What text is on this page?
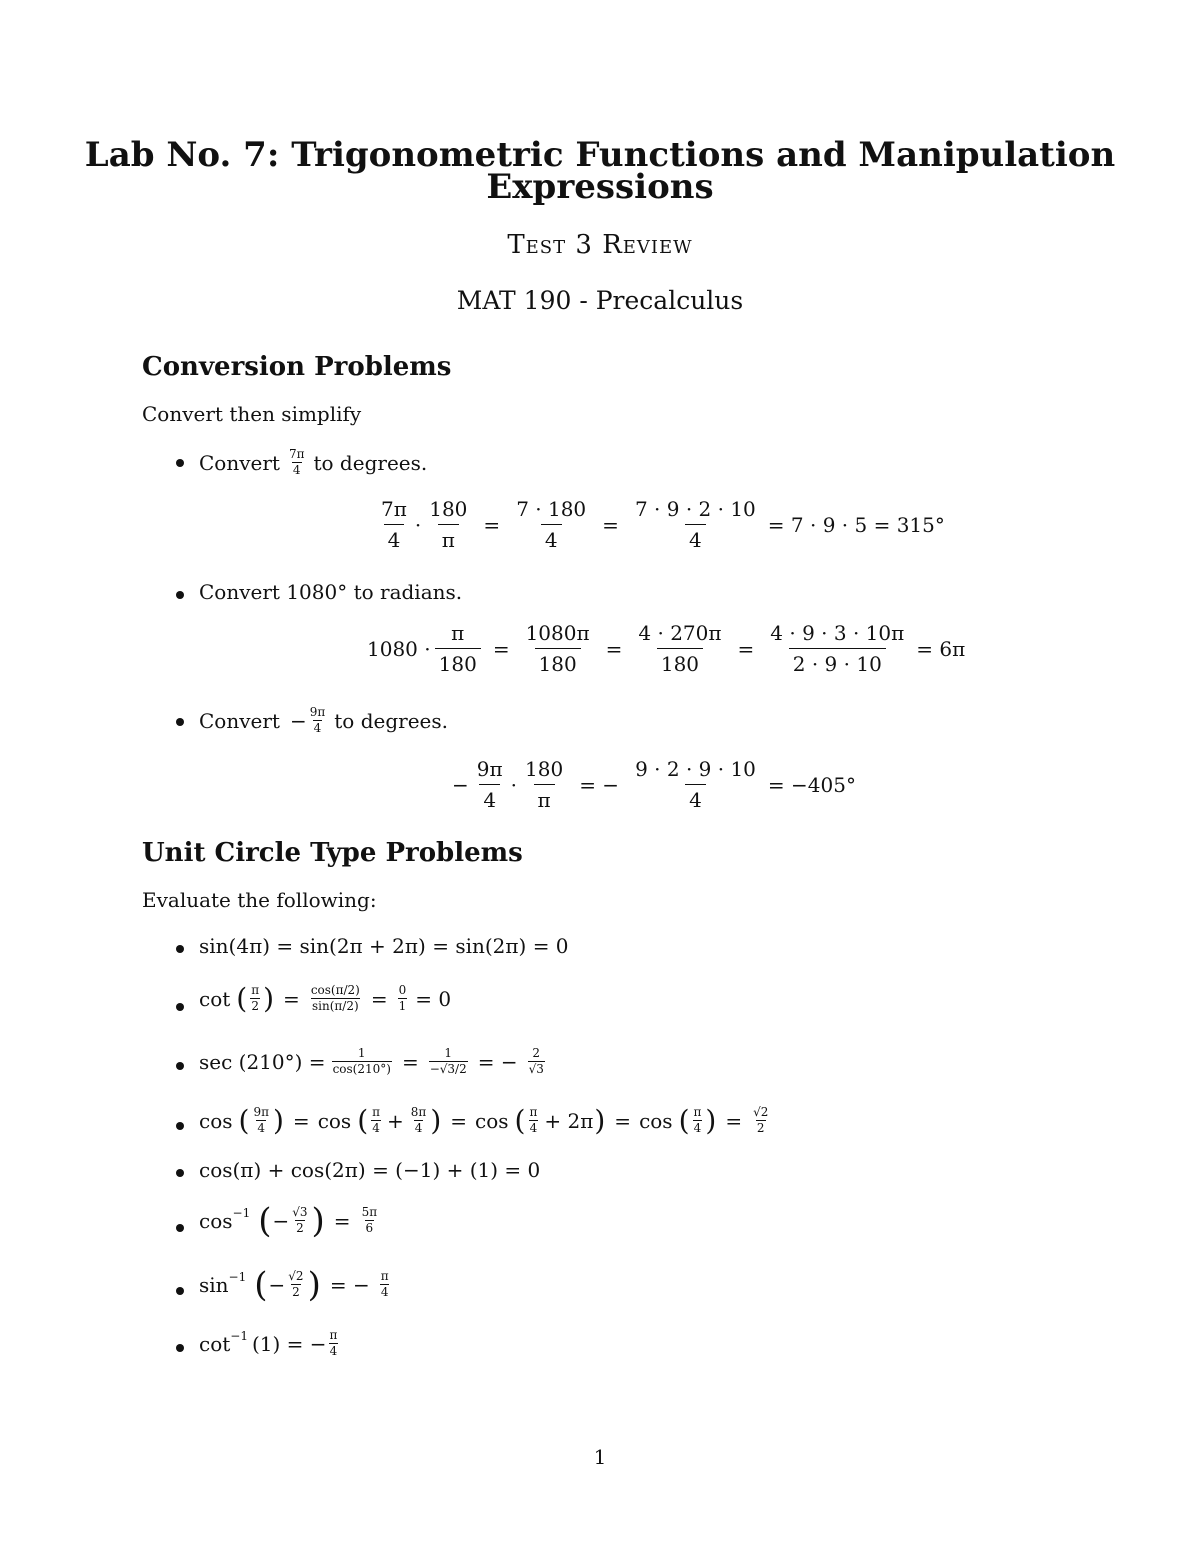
Lab No. 7: Trigonometric Functions and Manipulation
Expressions
Test 3 Review
MAT 190 - Precalculus
Conversion Problems
Convert then simplify
Convert 7π
4 to degrees.
$\frac{7\pi}{4} \cdot \frac{180}{\pi} = \frac{7 \cdot 180}{4} = \frac{7 \cdot 9 \cdot 2 \cdot 10}{4} = 7 \cdot 9 \cdot 5 = 315^\circ$
Convert 1080° to radians.
$1080 \cdot \frac{\pi}{180} = \frac{1080\pi}{180} = \frac{4 \cdot 270\pi}{180} = \frac{4 \cdot 9 \cdot 3 \cdot 10\pi}{2 \cdot 9 \cdot 10} = 6\pi$
Convert − $\frac{9\pi}{4}$ to degrees.
− $\frac{9\pi}{4} \cdot \frac{180}{\pi}$ = − $\frac{9 \cdot 2 \cdot 9 \cdot 10}{4} = -405^\circ$
Unit Circle Type Problems
Evaluate the following:
sin(4π) = sin(2π + 2π) = sin(2π) = 0
cot ( π
2 ) = $\frac{\cos(\pi/2)}{\sin(\pi/2)} = \frac{0}{1} = 0$
$\sec (210^\circ) = \frac{1}{\cos(210^\circ)} = \frac{1}{-√3/2}$ = − $\frac{2}{√3}$
cos ( 9π
4 ) = cos ( π
$4 + \frac{8\pi}{4}$ ) = cos ( π
4 + 2π ) = cos ( π
4 ) = $\frac{√2}{2}$
cos(π) + cos(2π) = (−1) + (1) = 0
cos −1 ( − $\frac{√3}{2}$ ) = $\frac{5\pi}{6}$
sin −1 ( − $\frac{√2}{2}$ ) = − $\frac{\pi}{4}$
cot −1 (1) = − $\frac{\pi}{4}$
1
